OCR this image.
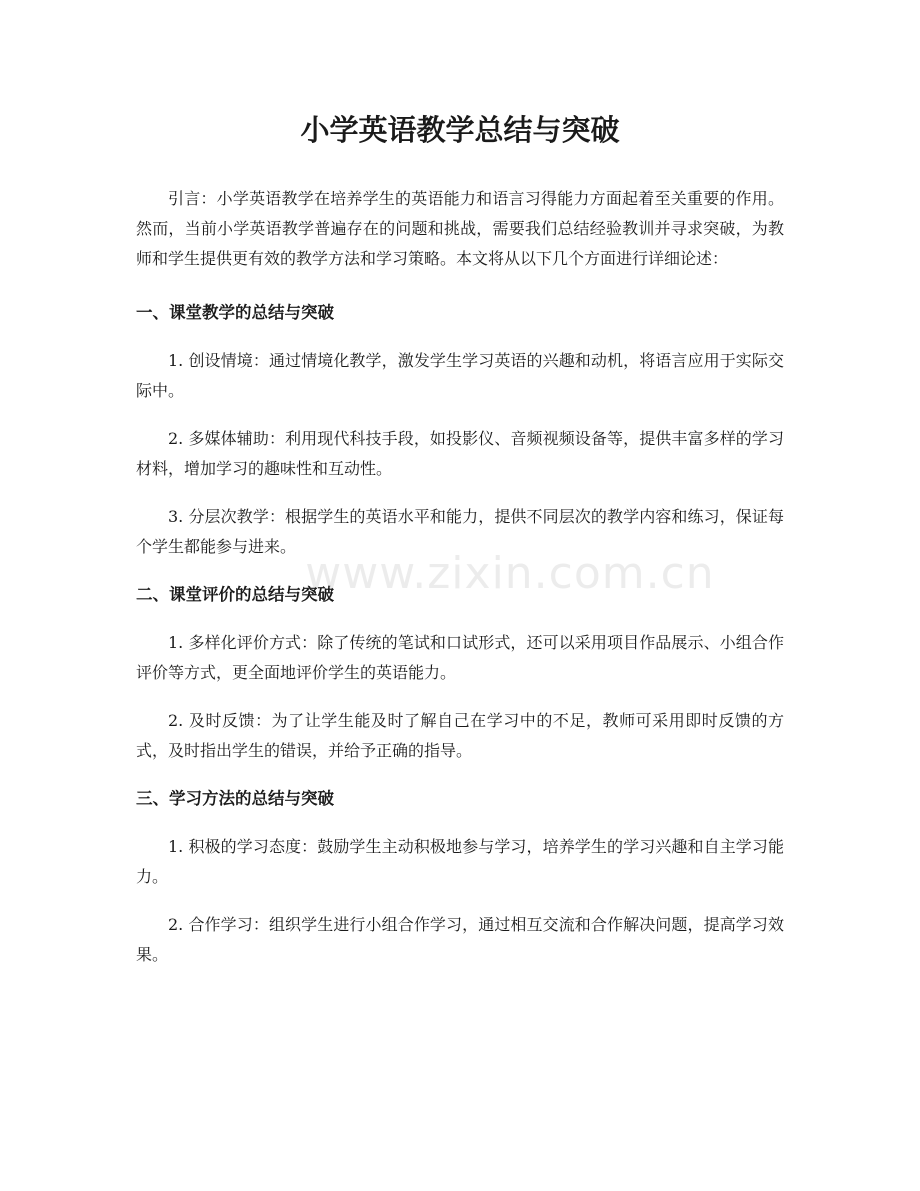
小学英语教学总结与突破

引言：小学英语教学在培养学生的英语能力和语言习得能力方面起着至关重要的作用。然而，当前小学英语教学普遍存在的问题和挑战，需要我们总结经验教训并寻求突破，为教师和学生提供更有效的教学方法和学习策略。本文将从以下几个方面进行详细论述：

一、课堂教学的总结与突破

1. 创设情境：通过情境化教学，激发学生学习英语的兴趣和动机，将语言应用于实际交际中。

2. 多媒体辅助：利用现代科技手段，如投影仪、音频视频设备等，提供丰富多样的学习材料，增加学习的趣味性和互动性。

3. 分层次教学：根据学生的英语水平和能力，提供不同层次的教学内容和练习，保证每个学生都能参与进来。

二、课堂评价的总结与突破

1. 多样化评价方式：除了传统的笔试和口试形式，还可以采用项目作品展示、小组合作评价等方式，更全面地评价学生的英语能力。

2. 及时反馈：为了让学生能及时了解自己在学习中的不足，教师可采用即时反馈的方式，及时指出学生的错误，并给予正确的指导。

三、学习方法的总结与突破

1. 积极的学习态度：鼓励学生主动积极地参与学习，培养学生的学习兴趣和自主学习能力。

2. 合作学习：组织学生进行小组合作学习，通过相互交流和合作解决问题，提高学习效果。

www.zixin.com.cn
